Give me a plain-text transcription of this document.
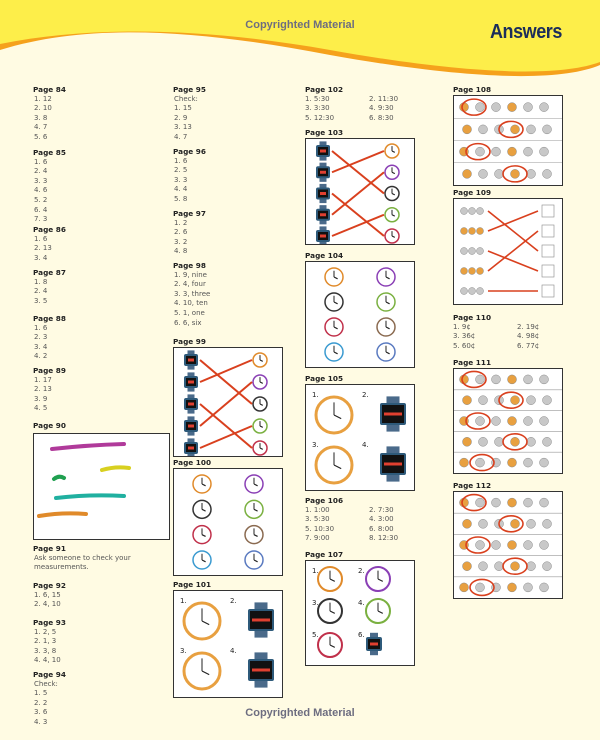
Copyrighted Material	Answers
Copyrighted Material
Page 84
1. 12
2. 10
3. 8
4. 7
5. 6
Page 85
1. 6
2. 4
3. 3
4. 6
5. 2
6. 4
7. 3
Page 86
1. 6
2. 13
3. 4
Page 87
1. 8
2. 4
3. 5
Page 88
1. 6
2. 3
3. 4
4. 2
Page 89
1. 17
2. 13
3. 9
4. 5
Page 90
Page 91
Ask someone to check your
measurements.
Page 92
1. 6, 15
2. 4, 10
Page 93
1. 2, 5
2. 1, 3
3. 3, 8
4. 4, 10
Page 94
Check:
1. 5
2. 2
3. 6
4. 3
Page 95
Check:
1. 15
2. 9
3. 13
4. 7
Page 96
1. 6
2. 5
3. 3
4. 4
5. 8
Page 97
1. 2
2. 6
3. 2
4. 8
Page 98
1. 9, nine
2. 4, four
3. 3, three
4. 10, ten
5. 1, one
6. 6, six
Page 99
Page 100
Page 101
1.	2.
3.	4.
Page 102
1. 5:30	2. 11:30
3. 3:30	4. 9:30
5. 12:30	6. 8:30
Page 103
Page 104
Page 105
1.	2.
3.	4.
Page 106
1. 1:00	2. 7:30
3. 5:30	4. 3:00
5. 10:30	6. 8:00
7. 9:00	8. 12:30
Page 107
1.	2.
3.	4.
5.	6.
Page 108
Page 109
Page 110
1. 9¢	2. 19¢
3. 36¢	4. 98¢
5. 60¢	6. 77¢
Page 111
Page 112
